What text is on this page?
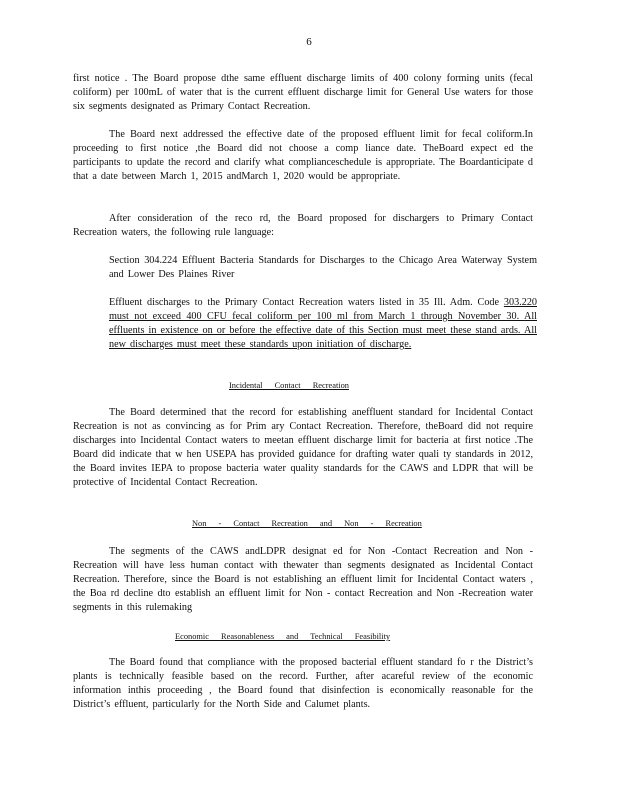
6

first notice . The Board propose dthe same effluent discharge limits of 400 colony forming units (fecal coliform) per 100mL of water that is the current effluent discharge limit for General Use waters for those six segments designated as Primary Contact Recreation.

The Board next addressed the effective date of the proposed effluent limit for fecal coliform.In proceeding to first notice ,the Board did not choose a comp liance date. TheBoard expect ed the participants to update the record and clarify what complianceschedule is appropriate. The Boardanticipate d that a date between March 1, 2015 andMarch 1, 2020 would be appropriate.

After consideration of the reco rd, the Board proposed for dischargers to Primary Contact Recreation waters, the following rule language:

Section 304.224 Effluent Bacteria Standards for Discharges to the Chicago Area Waterway System and Lower Des Plaines River

Effluent discharges to the Primary Contact Recreation waters listed in 35 Ill. Adm. Code 303.220 must not exceed 400 CFU fecal coliform per 100 ml from March 1 through November 30. All effluents in existence on or before the effective date of this Section must meet these stand ards. All new discharges must meet these standards upon initiation of discharge.

Incidental Contact Recreation

The Board determined that the record for establishing aneffluent standard for Incidental Contact Recreation is not as convincing as for Prim ary Contact Recreation. Therefore, theBoard did not require discharges into Incidental Contact waters to meetan effluent discharge limit for bacteria at first notice .The Board did indicate that w hen USEPA has provided guidance for drafting water quali ty standards in 2012, the Board invites IEPA to propose bacteria water quality standards for the CAWS and LDPR that will be protective of Incidental Contact Recreation.

Non - Contact Recreation and Non - Recreation

The segments of the CAWS andLDPR designat ed for Non -Contact Recreation and Non - Recreation will have less human contact with thewater than segments designated as Incidental Contact Recreation. Therefore, since the Board is not establishing an effluent limit for Incidental Contact waters , the Boa rd decline dto establish an effluent limit for Non - contact Recreation and Non -Recreation water segments in this rulemaking

Economic Reasonableness and Technical Feasibility

The Board found that compliance with the proposed bacterial effluent standard fo r the District’s plants is technically feasible based on the record. Further, after acareful review of the economic information inthis proceeding , the Board found that disinfection is economically reasonable for the District’s effluent, particularly for the North Side and Calumet plants.
